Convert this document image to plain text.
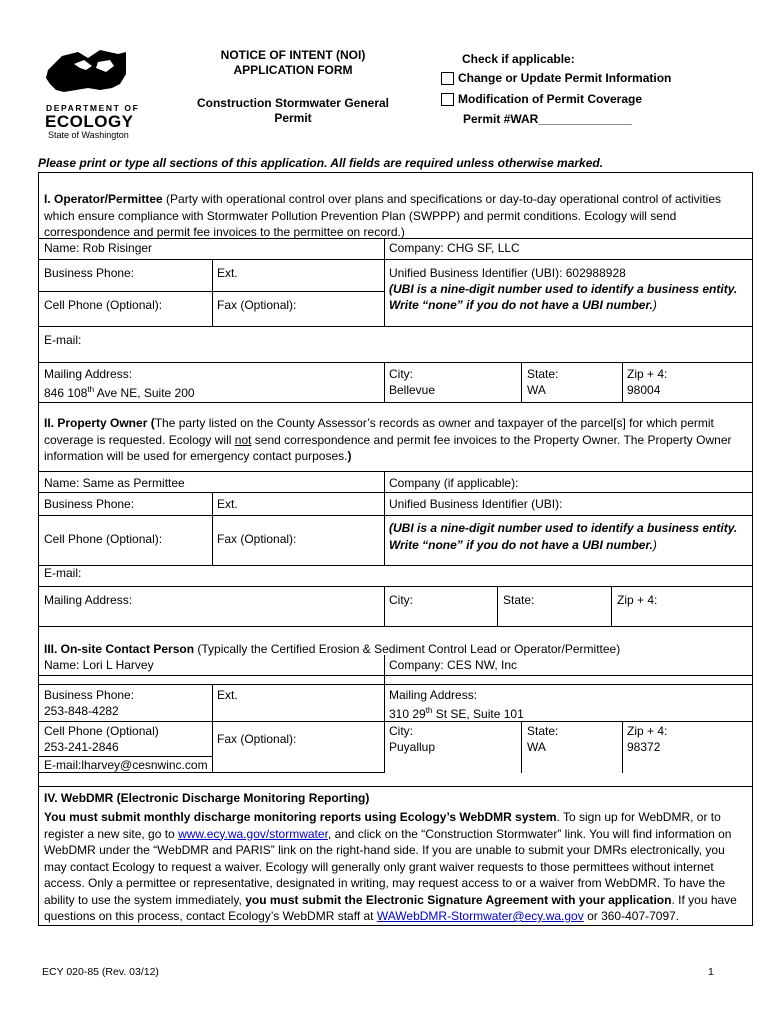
DEPARTMENT OF
ECOLOGY
State of Washington
NOTICE OF INTENT (NOI)
APPLICATION FORM
Construction Stormwater General
Permit
Check if applicable:
Change or Update Permit Information
Modification of Permit Coverage
Permit #WAR______________
Please print or type all sections of this application. All fields are required unless otherwise marked.
I. Operator/Permittee (Party with operational control over plans and specifications or day-to-day operational control of activities
which ensure compliance with Stormwater Pollution Prevention Plan (SWPPP) and permit conditions. Ecology will send
correspondence and permit fee invoices to the permittee on record.)
Name: Rob Risinger	Company: CHG SF, LLC
Business Phone:	Ext.	Unified Business Identifier (UBI): 602988928
(UBI is a nine-digit number used to identify a business entity.
Write “none” if you do not have a UBI number.)
Cell Phone (Optional):	Fax (Optional):
E-mail:
Mailing Address:
846 108th Ave NE, Suite 200
City:
Bellevue
State:
WA
Zip + 4:
98004
II. Property Owner (The party listed on the County Assessor’s records as owner and taxpayer of the parcel[s] for which permit
coverage is requested. Ecology will not send correspondence and permit fee invoices to the Property Owner. The Property Owner
information will be used for emergency contact purposes.)
Name: Same as Permittee	Company (if applicable):
Business Phone:	Ext.	Unified Business Identifier (UBI):
Cell Phone (Optional):	Fax (Optional):
(UBI is a nine-digit number used to identify a business entity.
Write “none” if you do not have a UBI number.)
E-mail:
Mailing Address:	City:	State:	Zip + 4:
III. On-site Contact Person (Typically the Certified Erosion & Sediment Control Lead or Operator/Permittee)
Name: Lori L Harvey	Company: CES NW, Inc
Business Phone:
253-848-4282
Ext.	Mailing Address:
310 29th St SE, Suite 101
Cell Phone (Optional)
253-241-2846
Fax (Optional):
City:
Puyallup
State:
WA
Zip + 4:
98372
E-mail:lharvey@cesnwinc.com
IV. WebDMR (Electronic Discharge Monitoring Reporting)
You must submit monthly discharge monitoring reports using Ecology’s WebDMR system. To sign up for WebDMR, or to
register a new site, go to www.ecy.wa.gov/stormwater, and click on the “Construction Stormwater” link. You will find information on
WebDMR under the “WebDMR and PARIS” link on the right-hand side. If you are unable to submit your DMRs electronically, you
may contact Ecology to request a waiver. Ecology will generally only grant waiver requests to those permittees without internet
access. Only a permittee or representative, designated in writing, may request access to or a waiver from WebDMR. To have the
ability to use the system immediately, you must submit the Electronic Signature Agreement with your application. If you have
questions on this process, contact Ecology’s WebDMR staff at WAWebDMR-Stormwater@ecy.wa.gov or 360-407-7097.
ECY 020-85 (Rev. 03/12)	1
